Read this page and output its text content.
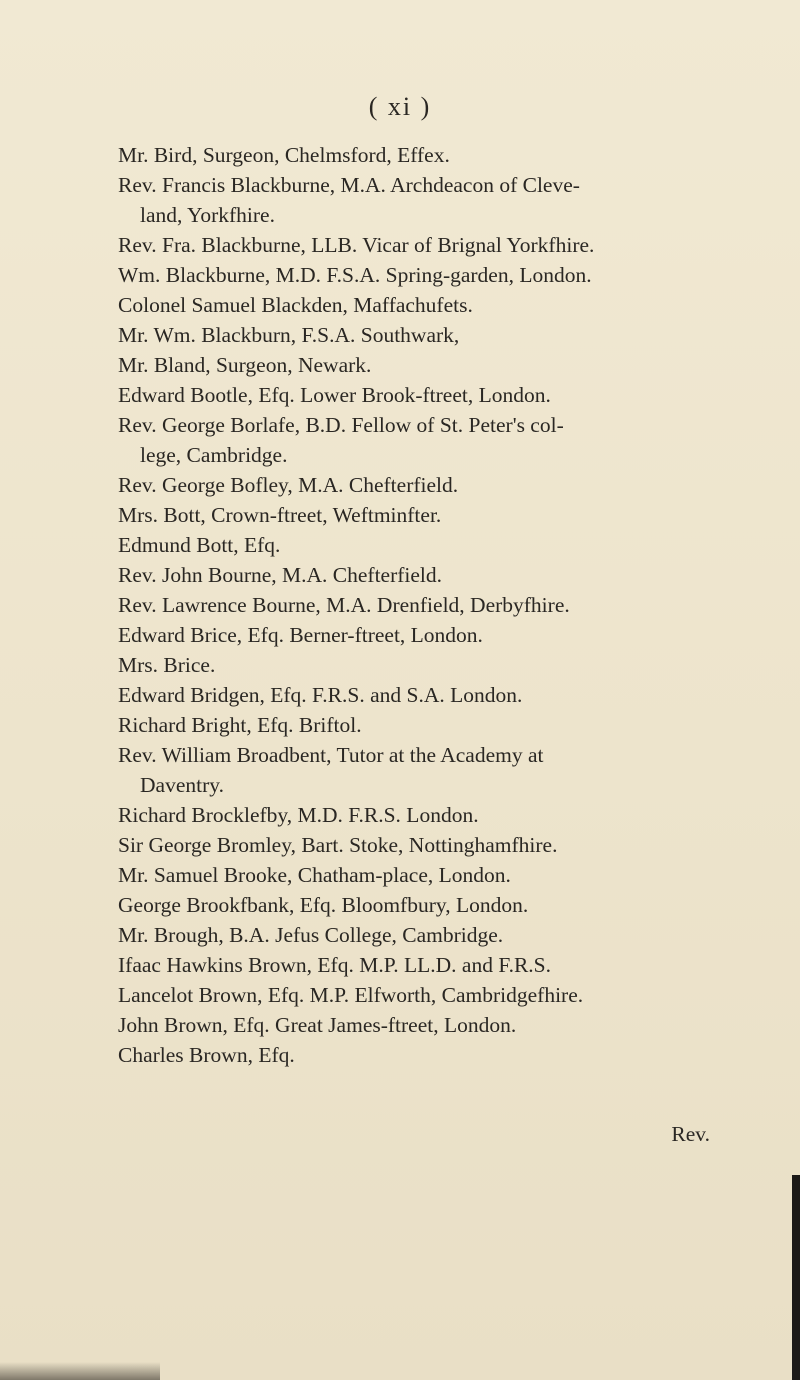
( xi )
Mr. Bird, Surgeon, Chelmsford, Effex.
Rev. Francis Blackburne, M.A. Archdeacon of Cleve-
land, Yorkfhire.
Rev. Fra. Blackburne, LLB. Vicar of Brignal Yorkfhire.
Wm. Blackburne, M.D. F.S.A. Spring-garden, London.
Colonel Samuel Blackden, Maffachufets.
Mr. Wm. Blackburn, F.S.A. Southwark,
Mr. Bland, Surgeon, Newark.
Edward Bootle, Efq. Lower Brook-ftreet, London.
Rev. George Borlafe, B.D. Fellow of St. Peter's col-
lege, Cambridge.
Rev. George Bofley, M.A. Chefterfield.
Mrs. Bott, Crown-ftreet, Weftminfter.
Edmund Bott, Efq.
Rev. John Bourne, M.A. Chefterfield.
Rev. Lawrence Bourne, M.A. Drenfield, Derbyfhire.
Edward Brice, Efq. Berner-ftreet, London.
Mrs. Brice.
Edward Bridgen, Efq. F.R.S. and S.A. London.
Richard Bright, Efq. Briftol.
Rev. William Broadbent, Tutor at the Academy at
Daventry.
Richard Brocklefby, M.D. F.R.S. London.
Sir George Bromley, Bart. Stoke, Nottinghamfhire.
Mr. Samuel Brooke, Chatham-place, London.
George Brookfbank, Efq. Bloomfbury, London.
Mr. Brough, B.A. Jefus College, Cambridge.
Ifaac Hawkins Brown, Efq. M.P. LL.D. and F.R.S.
Lancelot Brown, Efq. M.P. Elfworth, Cambridgefhire.
John Brown, Efq. Great James-ftreet, London.
Charles Brown, Efq.
Rev.
